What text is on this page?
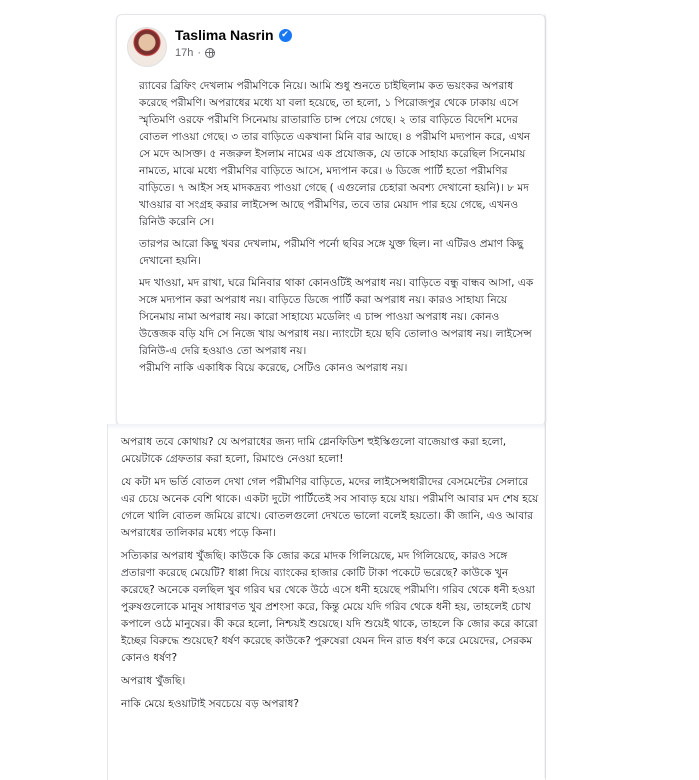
Taslima Nasrin ✔
17h ·

র‍্যাবের ব্রিফিং দেখলাম পরীমণিকে নিয়ে। আমি শুধু শুনতে চাইছিলাম কত ভয়ংকর অপরাধ করেছে পরীমণি। অপরাধের মধ্যে যা বলা হয়েছে, তা হলো, ১ পিরোজপুর থেকে ঢাকায় এসে স্মৃতিমণি ওরফে পরীমণি সিনেমায় রাতারাতি চান্স পেয়ে গেছে। ২ তার বাড়িতে বিদেশি মদের বোতল পাওয়া গেছে। ৩ তার বাড়িতে একখানা মিনি বার আছে। ৪ পরীমণি মদ্যপান করে, এখন সে মদে আসক্ত। ৫ নজরুল ইসলাম নামের এক প্রযোজক, যে তাকে সাহায্য করেছিল সিনেমায় নামতে, মাঝে মধ্যে পরীমণির বাড়িতে আসে, মদ্যপান করে। ৬ ডিজে পার্টি হতো পরীমণির বাড়িতে। ৭ আইস সহ মাদকদ্রব্য পাওয়া গেছে ( এগুলোর চেহারা অবশ্য দেখানো হয়নি)। ৮ মদ খাওয়ার বা সংগ্রহ করার লাইসেন্স আছে পরীমণির, তবে তার মেয়াদ পার হয়ে গেছে, এখনও রিনিউ করেনি সে।

তারপর আরো কিছু খবর দেখলাম, পরীমণি পর্নো ছবির সঙ্গে যুক্ত ছিল। না এটিরও প্রমাণ কিছু দেখানো হয়নি।

মদ খাওয়া, মদ রাখা, ঘরে মিনিবার থাকা কোনওটিই অপরাধ নয়। বাড়িতে বন্ধু বান্ধব আসা, এক সঙ্গে মদ্যপান করা অপরাধ নয়। বাড়িতে ডিজে পার্টি করা অপরাধ নয়। কারও সাহায্য নিয়ে সিনেমায় নামা অপরাধ নয়। কারো সাহায্যে মডেলিং এ চান্স পাওয়া অপরাধ নয়। কোনও উত্তেজক বড়ি যদি সে নিজে খায় অপরাধ নয়। ন্যাংটো হয়ে ছবি তোলাও অপরাধ নয়। লাইসেন্স রিনিউ-এ দেরি হওয়াও তো অপরাধ নয়।
পরীমণি নাকি একাধিক বিয়ে করেছে, সেটিও কোনও অপরাধ নয়।

অপরাধ তবে কোথায়? যে অপরাধের জন্য দামি গ্লেনফিডিশ হুইস্কিগুলো বাজেয়াপ্ত করা হলো, মেয়েটাকে গ্রেফতার করা হলো, রিমাণ্ডে নেওয়া হলো!

যে কটা মদ ভর্তি বোতল দেখা গেল পরীমণির বাড়িতে, মদের লাইসেন্সধারীদের বেসমেন্টের সেলারে এর চেয়ে অনেক বেশি থাকে। একটা দুটো পার্টিতেই সব সাবাড় হয়ে যায়। পরীমণি আবার মদ শেষ হয়ে গেলে খালি বোতল জমিয়ে রাখে। বোতলগুলো দেখতে ভালো বলেই হয়তো। কী জানি, এও আবার অপরাধের তালিকার মধ্যে পড়ে কিনা।

সত্যিকার অপরাধ খুঁজছি। কাউকে কি জোর করে মাদক গিলিয়েছে, মদ গিলিয়েছে, কারও সঙ্গে প্রতারণা করেছে মেয়েটি? ধাপ্পা দিয়ে ব্যাংকের হাজার কোটি টাকা পকেটে ভরেছে? কাউকে খুন করেছে? অনেকে বলছিল খুব গরিব ঘর থেকে উঠে এসে ধনী হয়েছে পরীমণি। গরিব থেকে ধনী হওয়া পুরুষগুলোকে মানুষ সাধারণত খুব প্রশংসা করে, কিন্তু মেয়ে যদি গরিব থেকে ধনী হয়, তাহলেই চোখ কপালে ওঠে মানুষের। কী করে হলো, নিশ্চয়ই শুয়েছে। যদি শুয়েই থাকে, তাহলে কি জোর করে কারো ইচ্ছের বিরুদ্ধে শুয়েছে? ধর্ষণ করেছে কাউকে? পুরুষেরা যেমন দিন রাত ধর্ষণ করে মেয়েদের, সেরকম কোনও ধর্ষণ?

অপরাধ খুঁজছি।

নাকি মেয়ে হওয়াটাই সবচেয়ে বড় অপরাধ?
